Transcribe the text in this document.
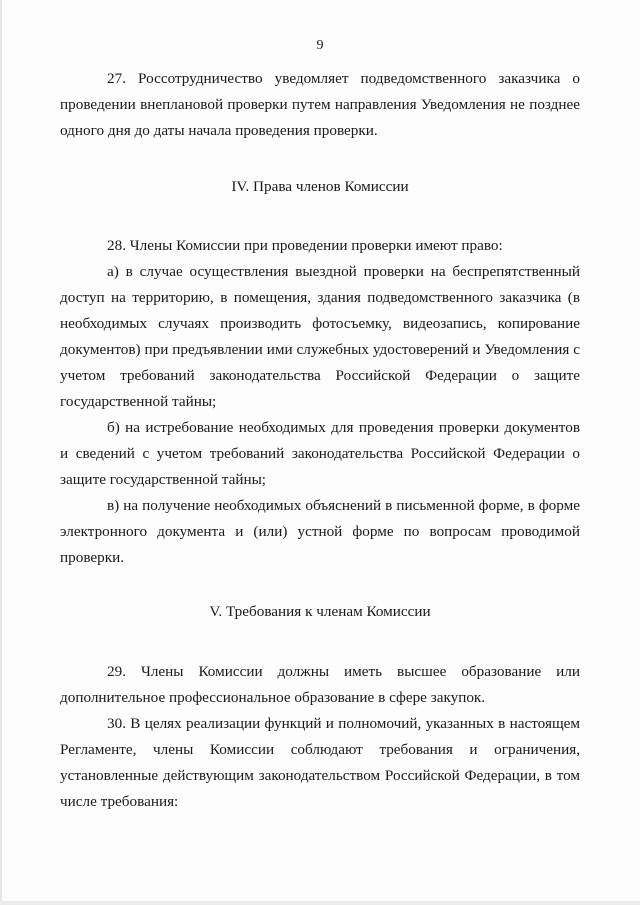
9

27. Россотрудничество уведомляет подведомственного заказчика о проведении внеплановой проверки путем направления Уведомления не позднее одного дня до даты начала проведения проверки.

IV. Права членов Комиссии

28. Члены Комиссии при проведении проверки имеют право:

а) в случае осуществления выездной проверки на беспрепятственный доступ на территорию, в помещения, здания подведомственного заказчика (в необходимых случаях производить фотосъемку, видеозапись, копирование документов) при предъявлении ими служебных удостоверений и Уведомления с учетом требований законодательства Российской Федерации о защите государственной тайны;

б) на истребование необходимых для проведения проверки документов и сведений с учетом требований законодательства Российской Федерации о защите государственной тайны;

в) на получение необходимых объяснений в письменной форме, в форме электронного документа и (или) устной форме по вопросам проводимой проверки.

V. Требования к членам Комиссии

29. Члены Комиссии должны иметь высшее образование или дополнительное профессиональное образование в сфере закупок.

30. В целях реализации функций и полномочий, указанных в настоящем Регламенте, члены Комиссии соблюдают требования и ограничения, установленные действующим законодательством Российской Федерации, в том числе требования:
